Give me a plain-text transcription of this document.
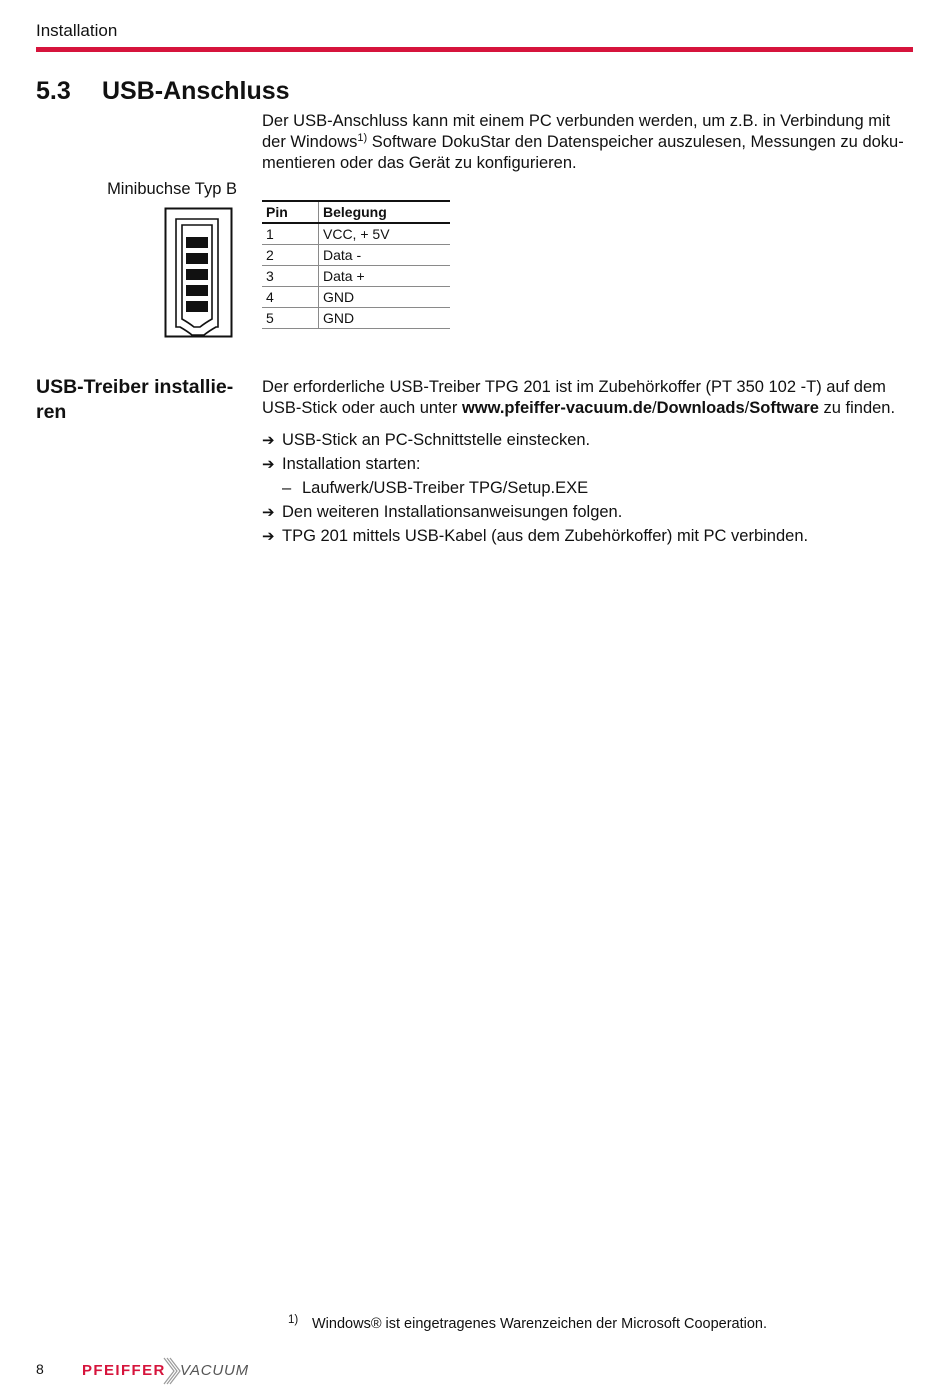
Installation
5.3 USB-Anschluss
Der USB-Anschluss kann mit einem PC verbunden werden, um z.B. in Verbindung mit der Windows$^{1)}$ Software DokuStar den Datenspeicher auszulesen, Messungen zu doku-mentieren oder das Gerät zu konfigurieren.
Minibuchse Typ B
Pin	Belegung
1	VCC, + 5V
2	Data -
3	Data +
4	GND
5	GND
USB-Treiber installie-ren
Der erforderliche USB-Treiber TPG 201 ist im Zubehörkoffer (PT 350 102 -T) auf dem USB-Stick oder auch unter www.pfeiffer-vacuum.de/Downloads/Software zu finden.
➔ USB-Stick an PC-Schnittstelle einstecken.
➔ Installation starten:
– Laufwerk/USB-Treiber TPG/Setup.EXE
➔ Den weiteren Installationsanweisungen folgen.
➔ TPG 201 mittels USB-Kabel (aus dem Zubehörkoffer) mit PC verbinden.
1) Windows® ist eingetragenes Warenzeichen der Microsoft Cooperation.
8	PFEIFFER VACUUM
